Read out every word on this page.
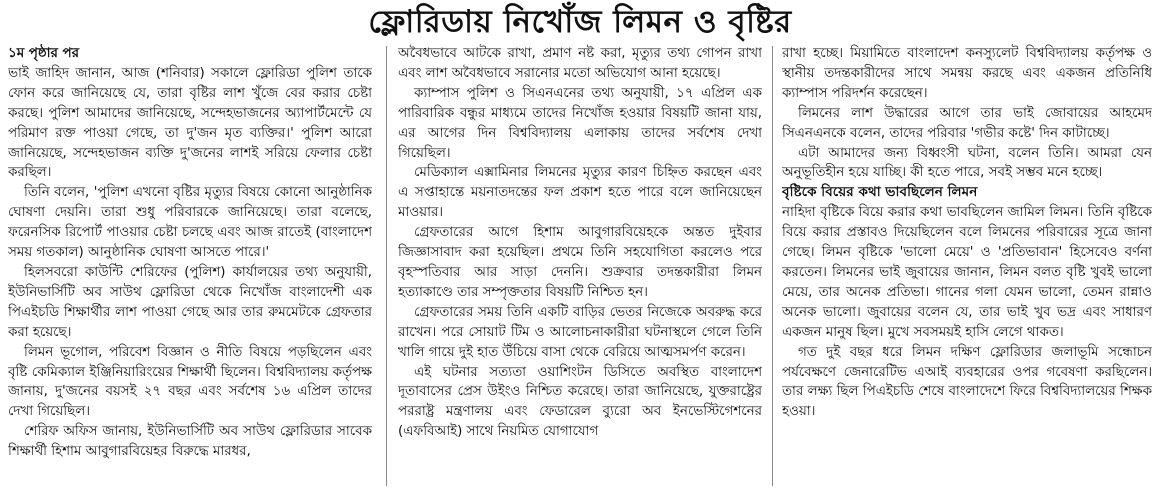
ফ্লোরিডায় নিখোঁজ লিমন ও বৃষ্টির

১ম পৃষ্ঠার পর

ভাই জাহিদ জানান, আজ (শনিবার) সকালে ফ্লোরিডা পুলিশ তাকে ফোন করে জানিয়েছে যে, তারা বৃষ্টির লাশ খুঁজে বের করার চেষ্টা করছে। পুলিশ আমাদের জানিয়েছে, সন্দেহভাজনের অ্যাপার্টমেন্টে যে পরিমাণ রক্ত পাওয়া গেছে, তা দু'জন মৃত ব্যক্তির।' পুলিশ আরো জানিয়েছে, সন্দেহভাজন ব্যক্তি দু'জনের লাশই সরিয়ে ফেলার চেষ্টা করছিল।

তিনি বলেন, 'পুলিশ এখনো বৃষ্টির মৃত্যুর বিষয়ে কোনো আনুষ্ঠানিক ঘোষণা দেয়নি। তারা শুধু পরিবারকে জানিয়েছে। তারা বলেছে, ফরেনসিক রিপোর্ট পাওয়ার চেষ্টা চলছে এবং আজ রাতেই (বাংলাদেশ সময় গতকাল) আনুষ্ঠানিক ঘোষণা আসতে পারে।'

হিলসবরো কাউন্টি শেরিফের (পুলিশ) কার্যালয়ের তথ্য অনুযায়ী, ইউনিভার্সিটি অব সাউথ ফ্লোরিডা থেকে নিখোঁজ বাংলাদেশী এক পিএইচডি শিক্ষার্থীর লাশ পাওয়া গেছে আর তার রুমমেটকে গ্রেফতার করা হয়েছে।

লিমন ভূগোল, পরিবেশ বিজ্ঞান ও নীতি বিষয়ে পড়ছিলেন এবং বৃষ্টি কেমিক্যাল ইঞ্জিনিয়ারিংয়ের শিক্ষার্থী ছিলেন। বিশ্ববিদ্যালয় কর্তৃপক্ষ জানায়, দু'জনের বয়সই ২৭ বছর এবং সর্বশেষ ১৬ এপ্রিল তাদের দেখা গিয়েছিল।

শেরিফ অফিস জানায়, ইউনিভার্সিটি অব সাউথ ফ্লোরিডার সাবেক শিক্ষার্থী হিশাম আবুগারবিয়েহর বিরুদ্ধে মারধর,

অবৈধভাবে আটকে রাখা, প্রমাণ নষ্ট করা, মৃত্যুর তথ্য গোপন রাখা এবং লাশ অবৈধভাবে সরানোর মতো অভিযোগ আনা হয়েছে।

ক্যাম্পাস পুলিশ ও সিএনএনের তথ্য অনুযায়ী, ১৭ এপ্রিল এক পারিবারিক বন্ধুর মাধ্যমে তাদের নিখোঁজ হওয়ার বিষয়টি জানা যায়, এর আগের দিন বিশ্ববিদ্যালয় এলাকায় তাদের সর্বশেষ দেখা গিয়েছিল।

মেডিক্যাল এক্সামিনার লিমনের মৃত্যুর কারণ চিহ্নিত করছেন এবং এ সপ্তাহান্তে ময়নাতদন্তের ফল প্রকাশ হতে পারে বলে জানিয়েছেন মাওয়ার।

গ্রেফতারের আগে হিশাম আবুগারবিয়েহকে অন্তত দুইবার জিজ্ঞাসাবাদ করা হয়েছিল। প্রথমে তিনি সহযোগিতা করলেও পরে বৃহস্পতিবার আর সাড়া দেননি। শুক্রবার তদন্তকারীরা লিমন হত্যাকাণ্ডে তার সম্পৃক্ততার বিষয়টি নিশ্চিত হন।

গ্রেফতারের সময় তিনি একটি বাড়ির ভেতর নিজেকে অবরুদ্ধ করে রাখেন। পরে সোয়াট টিম ও আলোচনাকারীরা ঘটনাস্থলে গেলে তিনি খালি গায়ে দুই হাত উঁচিয়ে বাসা থেকে বেরিয়ে আত্মসমর্পণ করেন।

এই ঘটনার সত্যতা ওয়াশিংটন ডিসিতে অবস্থিত বাংলাদেশ দূতাবাসের প্রেস উইংও নিশ্চিত করেছে। তারা জানিয়েছে, যুক্তরাষ্ট্রের পররাষ্ট্র মন্ত্রণালয় এবং ফেডারেল ব্যুরো অব ইনভেস্টিগেশনের (এফবিআই) সাথে নিয়মিত যোগাযোগ

রাখা হচ্ছে। মিয়ামিতে বাংলাদেশ কনস্যুলেট বিশ্ববিদ্যালয় কর্তৃপক্ষ ও স্থানীয় তদন্তকারীদের সাথে সমন্বয় করছে এবং একজন প্রতিনিধি ক্যাম্পাস পরিদর্শন করেছেন।

লিমনের লাশ উদ্ধারের আগে তার ভাই জোবায়ের আহমেদ সিএনএনকে বলেন, তাদের পরিবার 'গভীর কষ্টে' দিন কাটাচ্ছে।

এটা আমাদের জন্য বিধ্বংসী ঘটনা, বলেন তিনি। আমরা যেন অনুভূতিহীন হয়ে যাচ্ছি। কী হতে পারে, সবই সম্ভব মনে হচ্ছে।

বৃষ্টিকে বিয়ের কথা ভাবছিলেন লিমন

নাহিদা বৃষ্টিকে বিয়ে করার কথা ভাবছিলেন জামিল লিমন। তিনি বৃষ্টিকে বিয়ে করার প্রস্তাবও দিয়েছিলেন বলে লিমনের পরিবারের সূত্রে জানা গেছে। লিমন বৃষ্টিকে 'ভালো মেয়ে' ও 'প্রতিভাবান' হিসেবেও বর্ণনা করতেন। লিমনের ভাই জুবায়ের জানান, লিমন বলত বৃষ্টি খুবই ভালো মেয়ে, তার অনেক প্রতিভা। গানের গলা যেমন ভালো, তেমন রান্নাও অনেক ভালো। জুবায়ের বলেন যে, তার ভাই খুব ভদ্র এবং সাধারণ একজন মানুষ ছিল। মুখে সবসময়ই হাসি লেগে থাকত।

গত দুই বছর ধরে লিমন দক্ষিণ ফ্লোরিডার জলাভূমি সন্ধোচন পর্যবেক্ষণে জেনারেটিভ এআই ব্যবহারের ওপর গবেষণা করছিলেন। তার লক্ষ্য ছিল পিএইচডি শেষে বাংলাদেশে ফিরে বিশ্ববিদ্যালয়ের শিক্ষক হওয়া।
